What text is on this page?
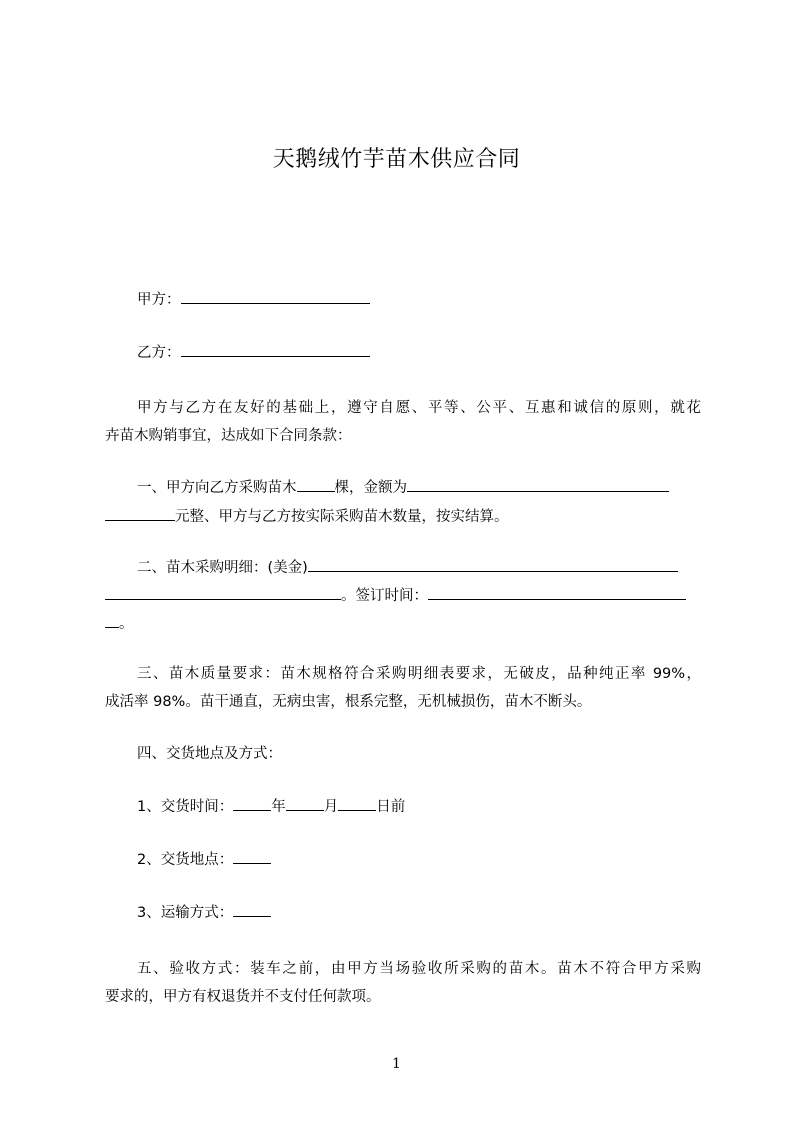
天鹅绒竹芋苗木供应合同
甲方：
乙方：
甲方与乙方在友好的基础上，遵守自愿、平等、公平、互惠和诚信的原则，就花
卉苗木购销事宜，达成如下合同条款：
一、甲方向乙方采购苗木	棵，金额为
元整、甲方与乙方按实际采购苗木数量，按实结算。
二、苗木采购明细：(美金)
。签订时间：
。
三、苗木质量要求：苗木规格符合采购明细表要求，无破皮，品种纯正率 99%，
成活率 98%。苗干通直，无病虫害，根系完整，无机械损伤，苗木不断头。
四、交货地点及方式：
1、交货时间：	年	月	日前
2、交货地点：
3、运输方式：
五、验收方式：装车之前，由甲方当场验收所采购的苗木。苗木不符合甲方采购
要求的，甲方有权退货并不支付任何款项。
1
